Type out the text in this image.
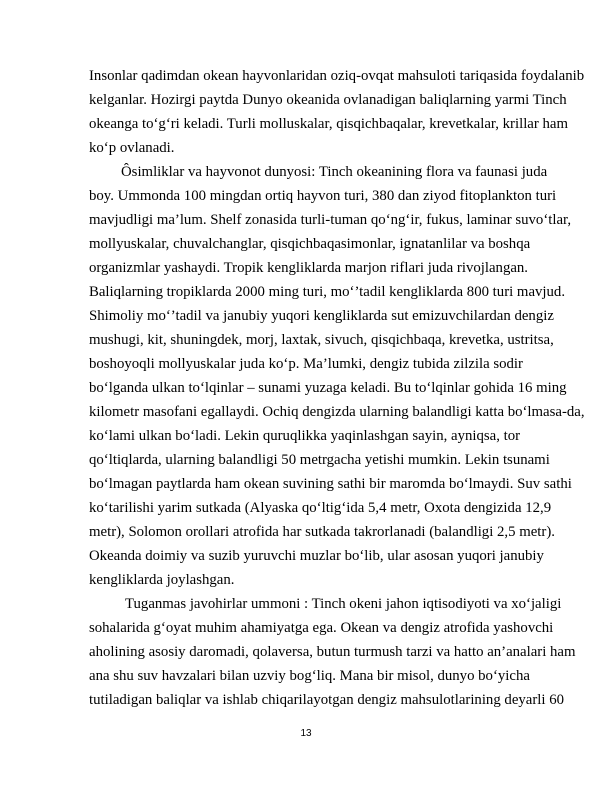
Insonlar qadimdan okean hayvonlaridan oziq-ovqat mahsuloti tariqasida foydalanib
kelganlar. Hozirgi paytda Dunyo okeanida ovlanadigan baliqlarning yarmi Tinch
okeanga to‘g‘ri keladi. Turli molluskalar, qisqichbaqalar, krevetkalar, krillar ham
ko‘p ovlanadi.
Ôsimliklar va hayvonot dunyosi: Tinch okeanining flora va faunasi juda
boy. Ummonda 100 mingdan ortiq hayvon turi, 380 dan ziyod fitoplankton turi
mavjudligi ma’lum. Shelf zonasida turli-tuman qo‘ng‘ir, fukus, laminar suvo‘tlar,
mollyuskalar, chuvalchanglar, qisqichbaqasimonlar, ignatanlilar va boshqa
organizmlar yashaydi. Tropik kengliklarda marjon riflari juda rivojlangan.
Baliqlarning tropiklarda 2000 ming turi, mo‘’tadil kengliklarda 800 turi mavjud.
Shimoliy mo‘’tadil va janubiy yuqori kengliklarda sut emizuvchilardan dengiz
mushugi, kit, shuningdek, morj, laxtak, sivuch, qisqichbaqa, krevetka, ustritsa,
boshoyoqli mollyuskalar juda ko‘p. Ma’lumki, dengiz tubida zilzila sodir
bo‘lganda ulkan to‘lqinlar – sunami yuzaga keladi. Bu to‘lqinlar gohida 16 ming
kilometr masofani egallaydi. Ochiq dengizda ularning balandligi katta bo‘lmasa-da,
ko‘lami ulkan bo‘ladi. Lekin quruqlikka yaqinlashgan sayin, ayniqsa, tor
qo‘ltiqlarda, ularning balandligi 50 metrgacha yetishi mumkin. Lekin tsunami
bo‘lmagan paytlarda ham okean suvining sathi bir maromda bo‘lmaydi. Suv sathi
ko‘tarilishi yarim sutkada (Alyaska qo‘ltig‘ida 5,4 metr, Oxota dengizida 12,9
metr), Solomon orollari atrofida har sutkada takrorlanadi (balandligi 2,5 metr).
Okeanda doimiy va suzib yuruvchi muzlar bo‘lib, ular asosan yuqori janubiy
kengliklarda joylashgan.
Tuganmas javohirlar ummoni : Tinch okeni jahon iqtisodiyoti va xo‘jaligi
sohalarida g‘oyat muhim ahamiyatga ega. Okean va dengiz atrofida yashovchi
aholining asosiy daromadi, qolaversa, butun turmush tarzi va hatto an’analari ham
ana shu suv havzalari bilan uzviy bog‘liq. Mana bir misol, dunyo bo‘yicha
tutiladigan baliqlar va ishlab chiqarilayotgan dengiz mahsulotlarining deyarli 60
13
